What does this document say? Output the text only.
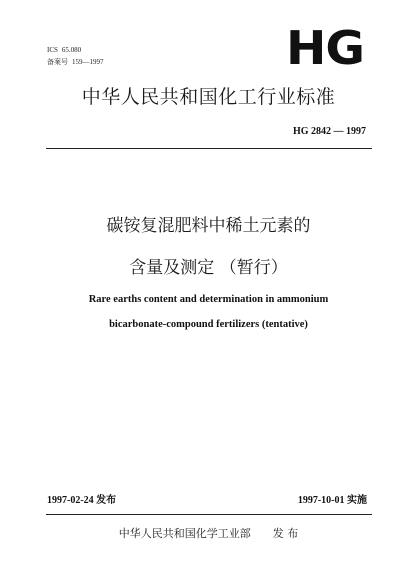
ICS 65.080
备案号 159—1997	HG
中华人民共和国化工行业标准
HG 2842 — 1997
碳铵复混肥料中稀土元素的
含量及测定 （暂行）
Rare earths content and determination in ammonium
bicarbonate-compound fertilizers (tentative)
1997-02-24 发布	1997-10-01 实施
中华人民共和国化学工业部 发 布
